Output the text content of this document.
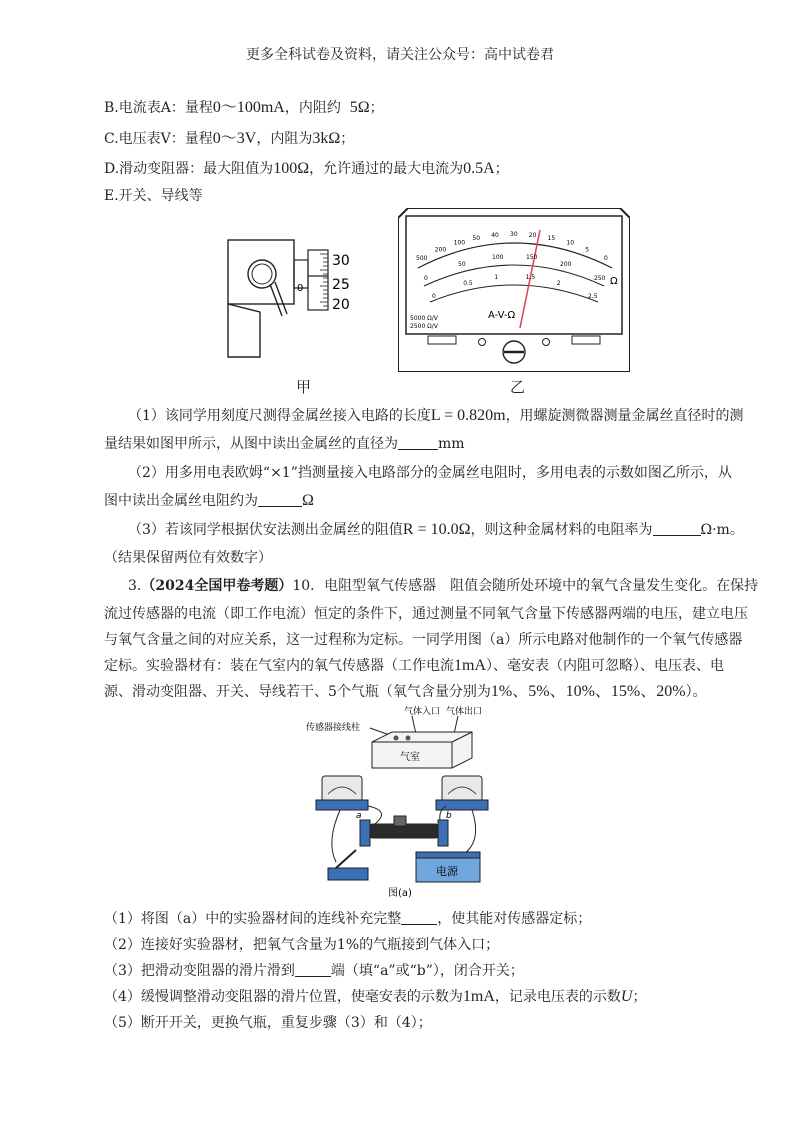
更多全科试卷及资料，请关注公众号：高中试卷君
B.电流表A：量程0～100mA，内阻约 5Ω；
C.电压表V：量程0～3V，内阻为3kΩ；
D.滑动变阻器：最大阻值为100Ω，允许通过的最大电流为0.5A；
E.开关、导线等
30
25
20
0
甲
A-V-Ω
5000 Ω/V
2500 Ω/V
Ω
500
200
100
50 40 30 20 15
10
5
0
0
50
100	150
200
250
0
0.5
1	1.5
2
2.5
乙
（1）该同学用刻度尺测得金属丝接入电路的长度L = 0.820m，用螺旋测微器测量金属丝直径时的测
量结果如图甲所示，从图中读出金属丝的直径为	mm
（2）用多用电表欧姆“×1”挡测量接入电路部分的金属丝电阻时，多用电表的示数如图乙所示，从
图中读出金属丝电阻约为	Ω
（3）若该同学根据伏安法测出金属丝的阻值R = 10.0Ω，则这种金属材料的电阻率为	Ω·m。
（结果保留两位有效数字）
3.（2024全国甲卷考题）10．电阻型氧气传感器　阻值会随所处环境中的氧气含量发生变化。在保持
流过传感器的电流（即工作电流）恒定的条件下，通过测量不同氧气含量下传感器两端的电压，建立电压
与氧气含量之间的对应关系，这一过程称为定标。一同学用图（a）所示电路对他制作的一个氧气传感器
定标。实验器材有：装在气室内的氧气传感器（工作电流1mA）、毫安表（内阻可忽略）、电压表、电
源、滑动变阻器、开关、导线若干、5个气瓶（氧气含量分别为1%、5%、10%、15%、20%）。
气体入口 气体出口
传感器接线柱
气室
a	b
电源
图(a)
（1）将图（a）中的实验器材间的连线补充完整	，使其能对传感器定标；
（2）连接好实验器材，把氧气含量为1%的气瓶接到气体入口；
（3）把滑动变阻器的滑片滑到	端（填“a”或“b”），闭合开关；
（4）缓慢调整滑动变阻器的滑片位置，使毫安表的示数为1mA，记录电压表的示数U；
（5）断开开关，更换气瓶，重复步骤（3）和（4）；
